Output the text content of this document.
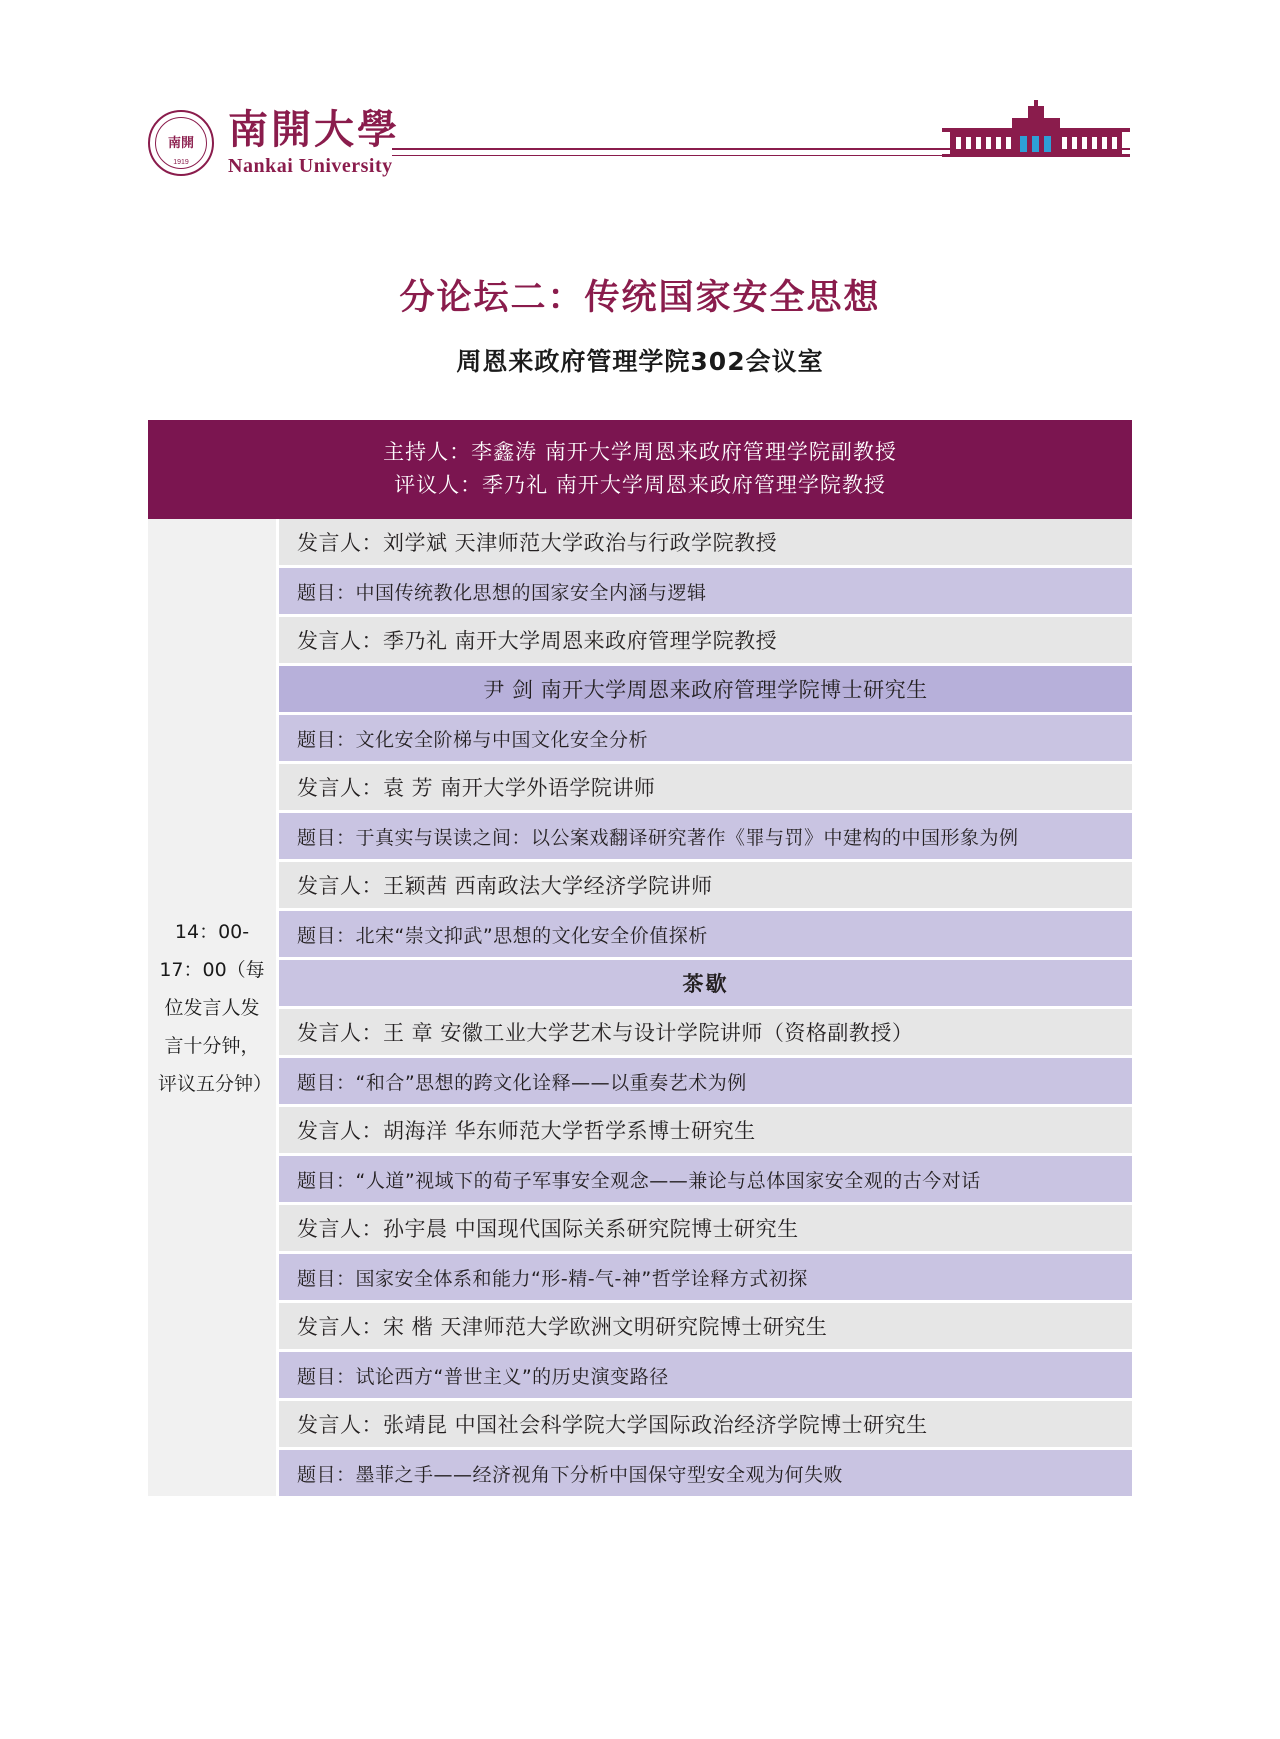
南開
1919
南開大學
Nankai University
分论坛二：传统国家安全思想
周恩来政府管理学院302会议室
主持人：李鑫涛 南开大学周恩来政府管理学院副教授
评议人：季乃礼 南开大学周恩来政府管理学院教授
14：00-17：00（每位发言人发言十分钟，评议五分钟）
发言人：刘学斌 天津师范大学政治与行政学院教授
题目：中国传统教化思想的国家安全内涵与逻辑
发言人：季乃礼 南开大学周恩来政府管理学院教授
尹 剑 南开大学周恩来政府管理学院博士研究生
题目：文化安全阶梯与中国文化安全分析
发言人：袁 芳 南开大学外语学院讲师
题目：于真实与误读之间：以公案戏翻译研究著作《罪与罚》中建构的中国形象为例
发言人：王颖茜 西南政法大学经济学院讲师
题目：北宋“崇文抑武”思想的文化安全价值探析
茶歇
发言人：王 章 安徽工业大学艺术与设计学院讲师（资格副教授）
题目：“和合”思想的跨文化诠释——以重奏艺术为例
发言人：胡海洋 华东师范大学哲学系博士研究生
题目：“人道”视域下的荀子军事安全观念——兼论与总体国家安全观的古今对话
发言人：孙宇晨 中国现代国际关系研究院博士研究生
题目：国家安全体系和能力“形-精-气-神”哲学诠释方式初探
发言人：宋 楷 天津师范大学欧洲文明研究院博士研究生
题目：试论西方“普世主义”的历史演变路径
发言人：张靖昆 中国社会科学院大学国际政治经济学院博士研究生
题目：墨菲之手——经济视角下分析中国保守型安全观为何失败
